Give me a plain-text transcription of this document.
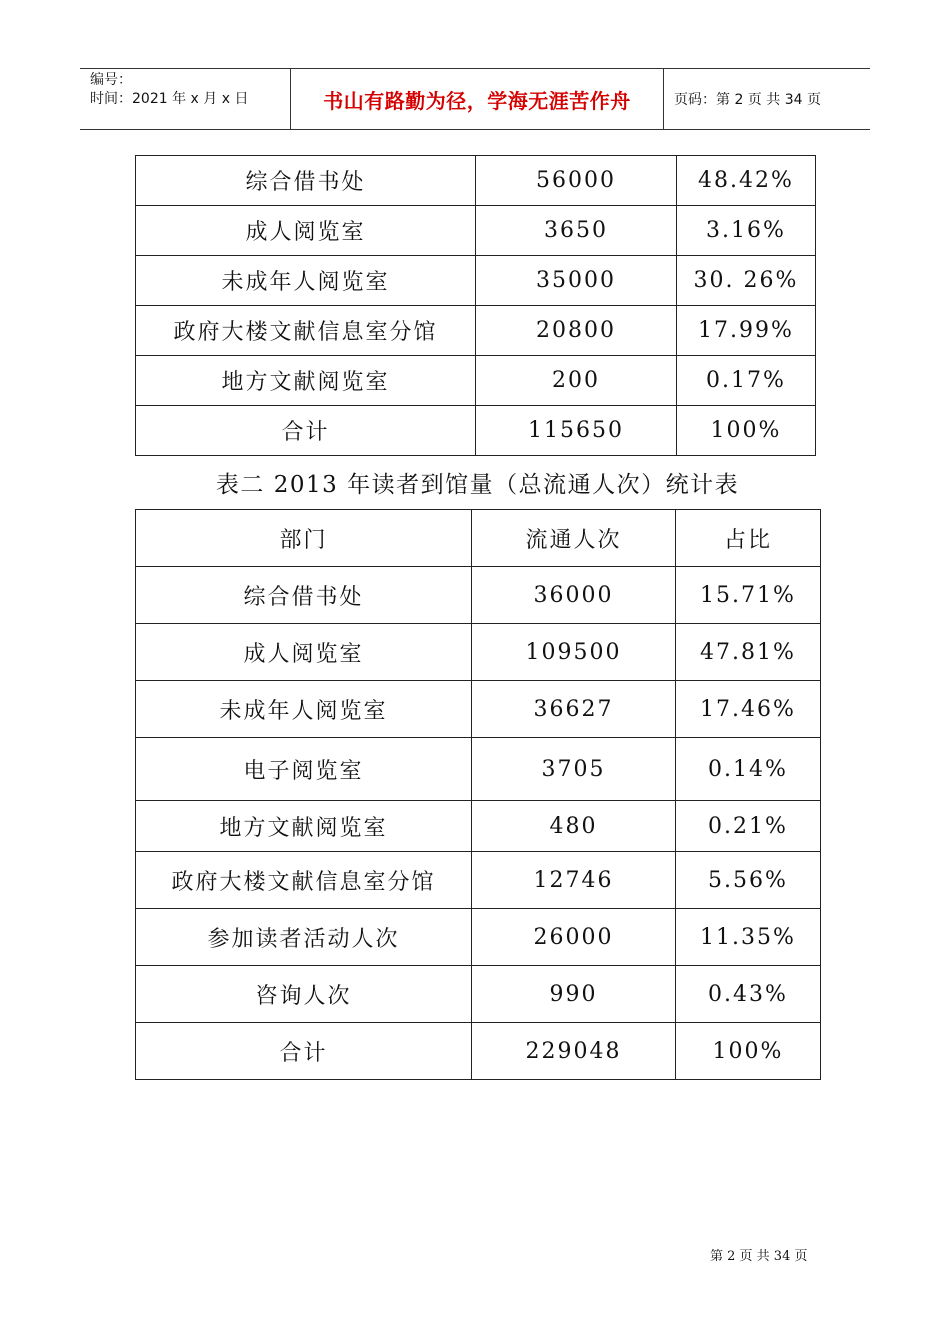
编号：
时间：2021 年 x 月 x 日	书山有路勤为径，学海无涯苦作舟	页码：第 2 页 共 34 页
综合借书处	56000	48.42%
成人阅览室	3650	3.16%
未成年人阅览室	35000	30. 26%
政府大楼文献信息室分馆	20800	17.99%
地方文献阅览室	200	0.17%
合计	115650	100%
表二 2013 年读者到馆量（总流通人次）统计表
部门	流通人次	占比
综合借书处	36000	15.71%
成人阅览室	109500	47.81%
未成年人阅览室	36627	17.46%
电子阅览室	3705	0.14%
地方文献阅览室	480	0.21%
政府大楼文献信息室分馆	12746	5.56%
参加读者活动人次	26000	11.35%
咨询人次	990	0.43%
合计	229048	100%
第 2 页 共 34 页
